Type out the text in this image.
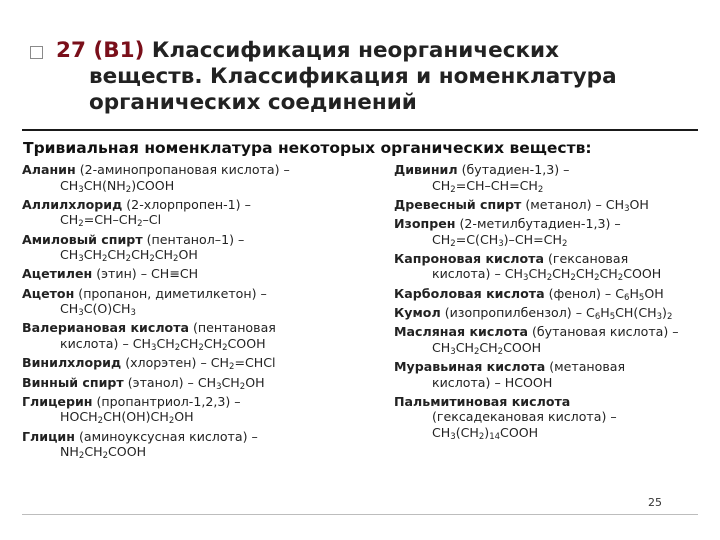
27 (В1) Классификация неорганических
веществ. Классификация и номенклатура
органических соединений
Тривиальная номенклатура некоторых органических веществ:
Аланин (2-аминопропановая кислота) –
$CH_3CH(NH_2)COOH$
Аллилхлорид (2-хлорпропен-1) –
$CH_2=CH-CH_2-Cl$
Амиловый спирт (пентанол–1) –
$CH_3CH_2CH_2CH_2CH_2OH$
Ацетилен (этин) – CH≡CH
Ацетон (пропанон, диметилкетон) –
$CH_3C(O)CH_3$
Валериановая кислота (пентановая
кислота) – $CH_3CH_2CH_2CH_2COOH$
Винилхлорид (хлорэтен) – $CH_2=CHCl$
Винный спирт (этанол) – $CH_3CH_2OH$
Глицерин (пропантриол-1,2,3) –
$HOCH_2CH(OH)CH_2OH$
Глицин (аминоуксусная кислота) –
$NH_2CH_2COOH$
Дивинил (бутадиен-1,3) –
$CH_2=CH-CH=CH_2$
Древесный спирт (метанол) – $CH_3OH$
Изопрен (2-метилбутадиен-1,3) –
$CH_2=C(CH_3)-CH=CH_2$
Капроновая кислота (гексановая
кислота) – $CH_3CH_2CH_2CH_2CH_2COOH$
Карболовая кислота (фенол) – $C_6H_5OH$
Кумол (изопропилбензол) – $C_6H_5CH(CH_3)_2$
Масляная кислота (бутановая кислота) –
$CH_3CH_2CH_2COOH$
Муравьиная кислота (метановая
кислота) – HCOOH
Пальмитиновая кислота
(гексадекановая кислота) –
$CH_3(CH_2)_{14}COOH$
25
